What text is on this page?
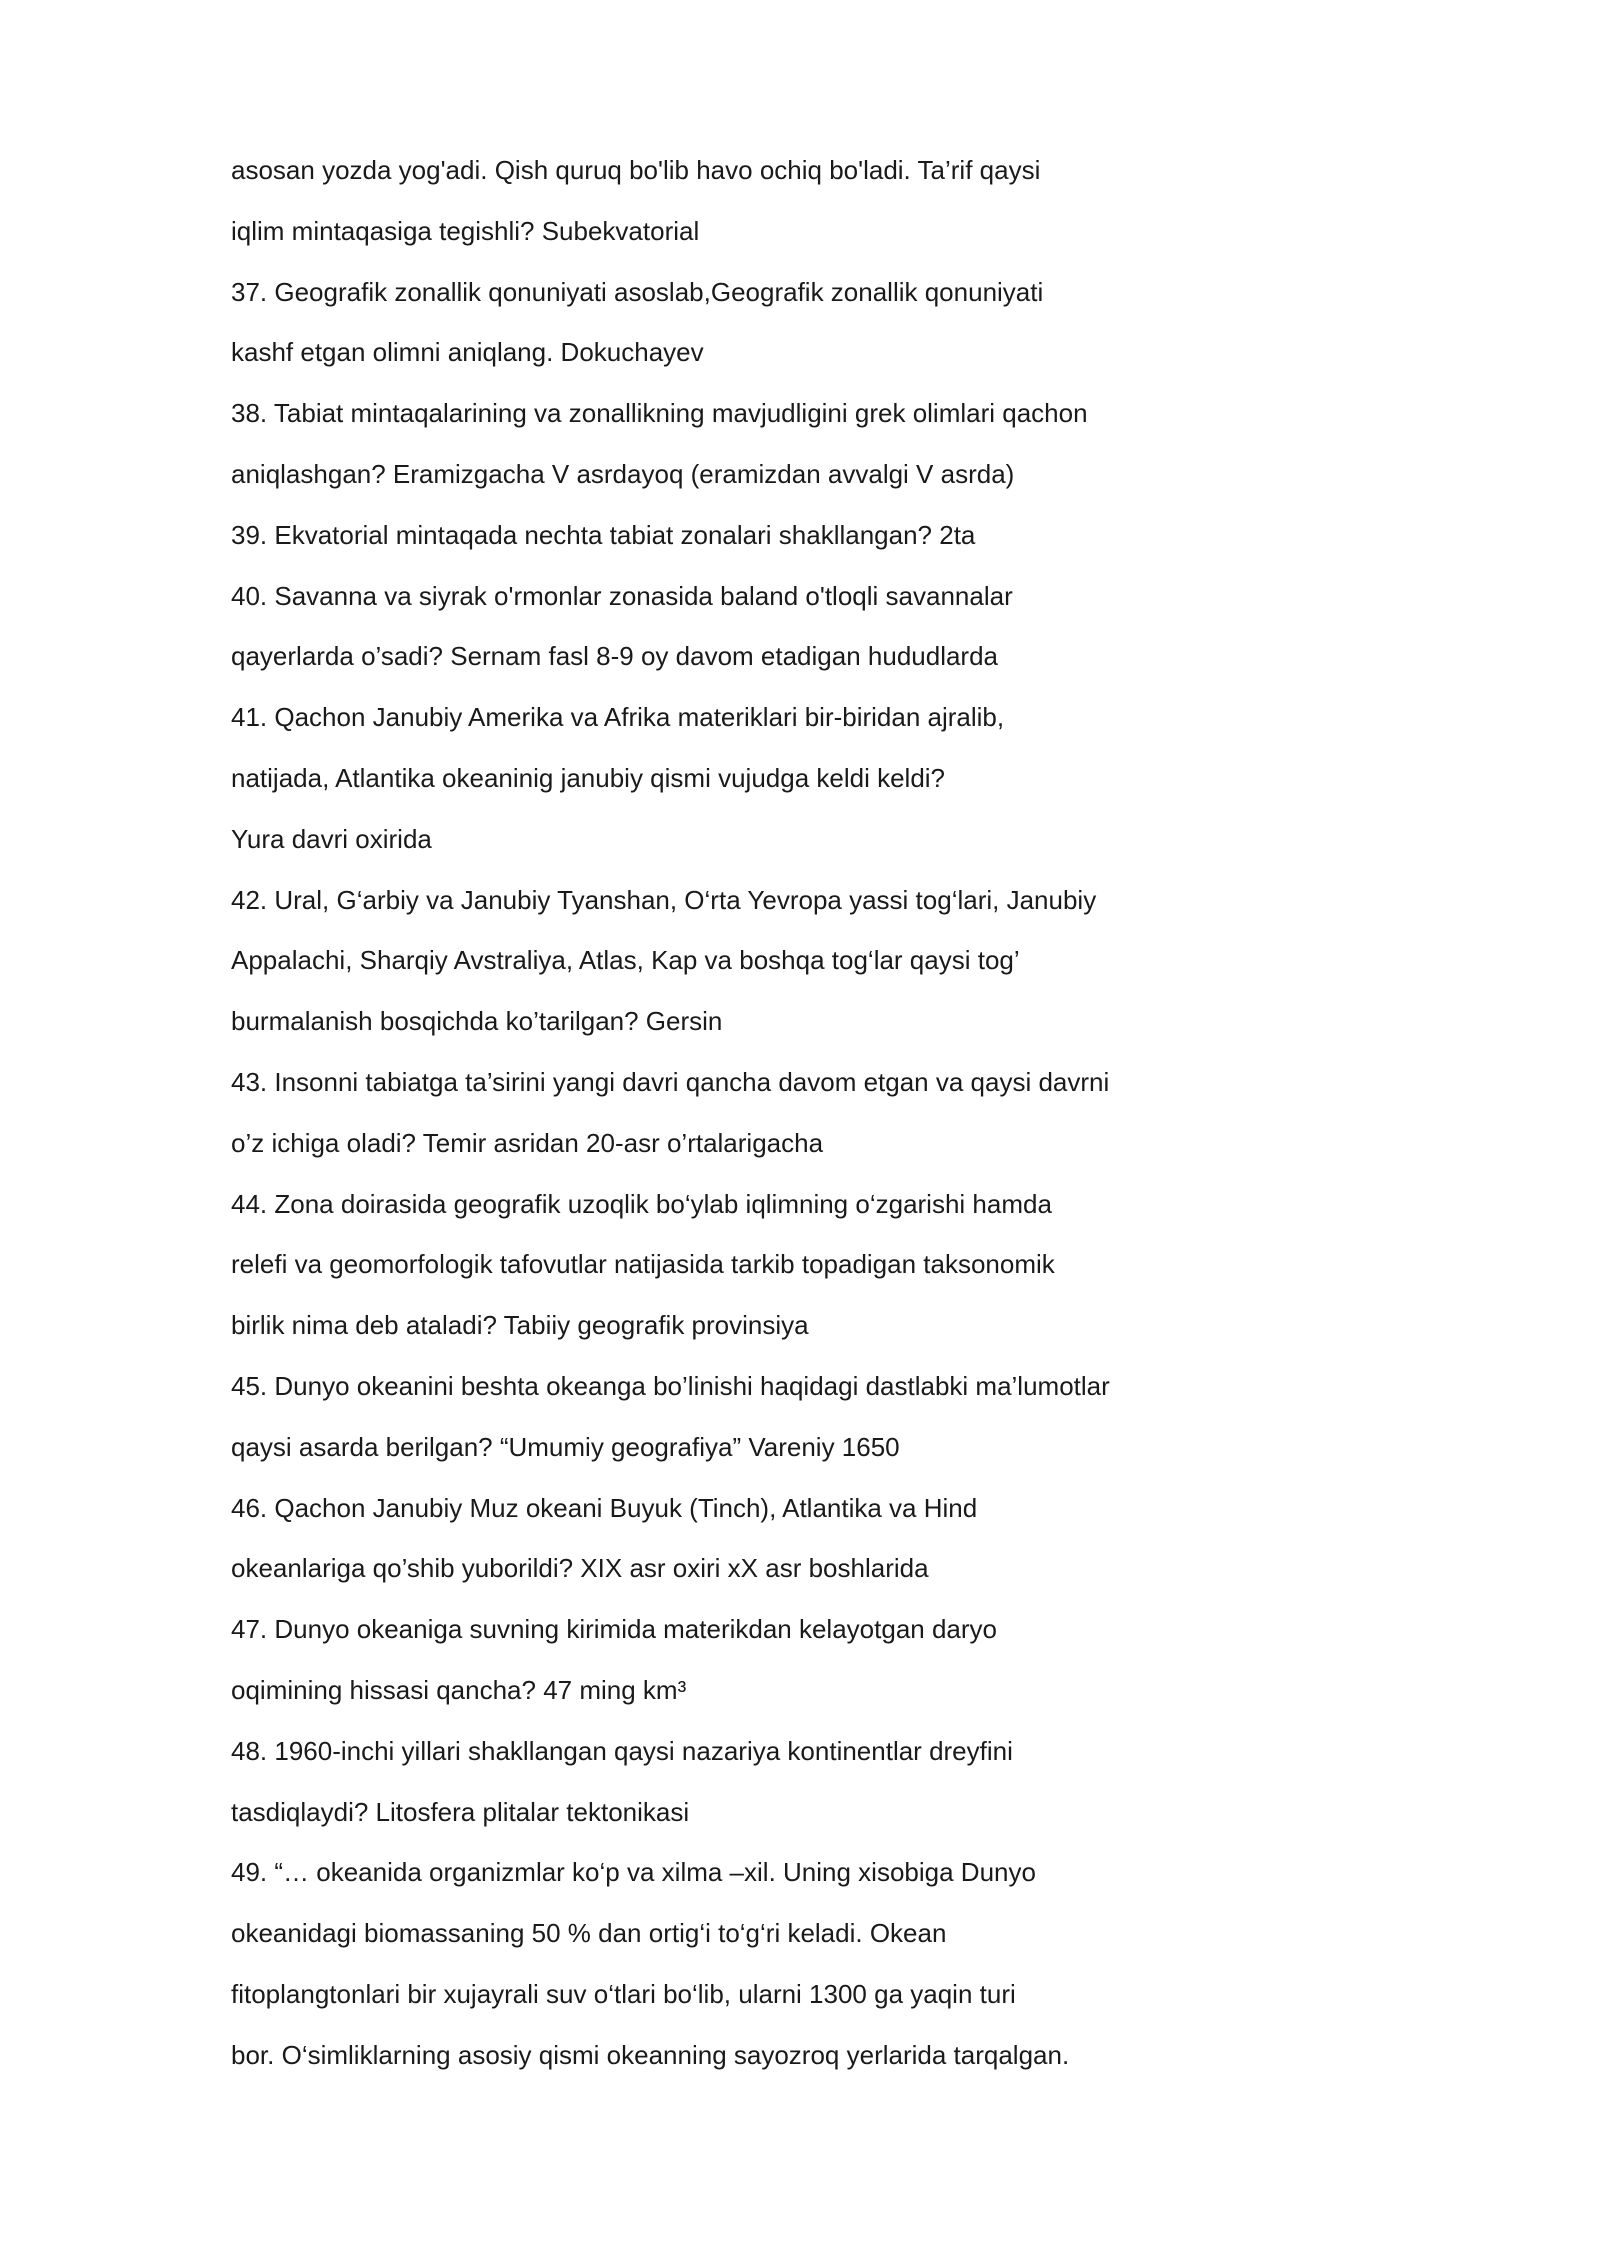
asosan yozda yog'adi. Qish quruq bo'lib havo ochiq bo'ladi. Ta’rif qaysi
iqlim mintaqasiga tegishli? Subekvatorial
37. Geografik zonallik qonuniyati asoslab,Geografik zonallik qonuniyati
kashf etgan olimni aniqlang. Dokuchayev
38. Tabiat mintaqalarining va zonallikning mavjudligini grek olimlari qachon
aniqlashgan? Eramizgacha V asrdayoq (eramizdan avvalgi V asrda)
39. Ekvatorial mintaqada nechta tabiat zonalari shakllangan? 2ta
40. Savanna va siyrak o'rmonlar zonasida baland o'tloqli savannalar
qayerlarda o’sadi? Sernam fasl 8-9 oy davom etadigan hududlarda
41. Qachon Janubiy Amerika va Afrika materiklari bir-biridan ajralib,
natijada, Atlantika okeaninig janubiy qismi vujudga keldi keldi?
Yura davri oxirida
42. Ural, G‘arbiy va Janubiy Tyanshan, O‘rta Yevropa yassi tog‘lari, Janubiy
Appalachi, Sharqiy Avstraliya, Atlas, Kap va boshqa tog‘lar qaysi tog’
burmalanish bosqichda ko’tarilgan? Gersin
43. Insonni tabiatga ta’sirini yangi davri qancha davom etgan va qaysi davrni
o’z ichiga oladi? Temir asridan 20-asr o’rtalarigacha
44. Zona doirasida geografik uzoqlik bo‘ylab iqlimning o‘zgarishi hamda
relefi va geomorfologik tafovutlar natijasida tarkib topadigan taksonomik
birlik nima deb ataladi? Tabiiy geografik provinsiya
45. Dunyo okeanini beshta okeanga bo’linishi haqidagi dastlabki ma’lumotlar
qaysi asarda berilgan? “Umumiy geografiya” Vareniy 1650
46. Qachon Janubiy Muz okeani Buyuk (Tinch), Atlantika va Hind
okeanlariga qo’shib yuborildi? XIX asr oxiri xX asr boshlarida
47. Dunyo okeaniga suvning kirimida materikdan kelayotgan daryo
oqimining hissasi qancha? 47 ming km³
48. 1960-inchi yillari shakllangan qaysi nazariya kontinentlar dreyfini
tasdiqlaydi? Litosfera plitalar tektonikasi
49. “… okeanida organizmlar ko‘p va xilma –xil. Uning xisobiga Dunyo
okeanidagi biomassaning 50 % dan ortig‘i to‘g‘ri keladi. Okean
fitoplangtonlari bir xujayrali suv o‘tlari bo‘lib, ularni 1300 ga yaqin turi
bor. O‘simliklarning asosiy qismi okeanning sayozroq yerlarida tarqalgan.
